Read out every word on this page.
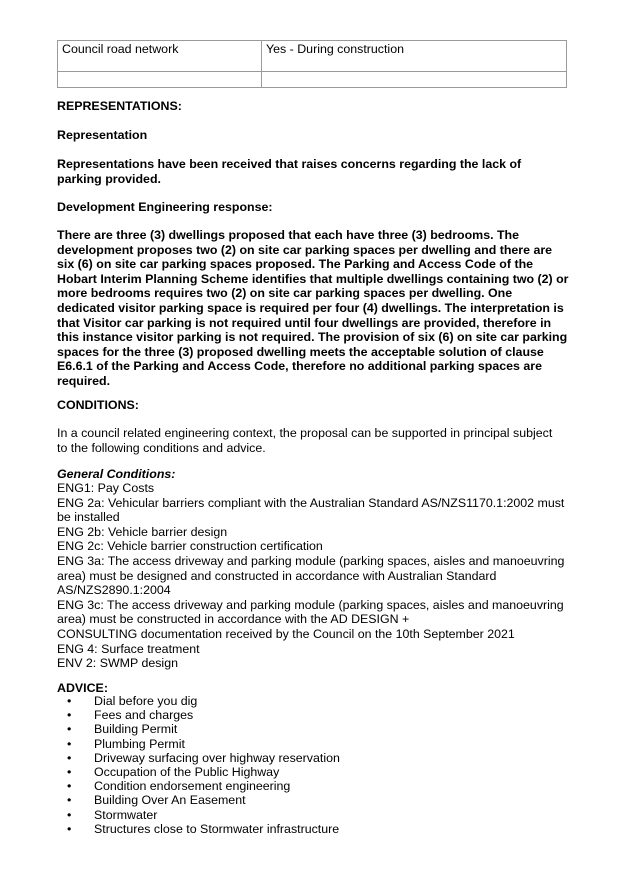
Council road network	Yes - During construction

REPRESENTATIONS:
Representation
Representations have been received that raises concerns regarding the lack of parking provided.
Development Engineering response:
There are three (3) dwellings proposed that each have three (3) bedrooms. The development proposes two (2) on site car parking spaces per dwelling and there are six (6) on site car parking spaces proposed. The Parking and Access Code of the Hobart Interim Planning Scheme identifies that multiple dwellings containing two (2) or more bedrooms requires two (2) on site car parking spaces per dwelling. One dedicated visitor parking space is required per four (4) dwellings. The interpretation is that Visitor car parking is not required until four dwellings are provided, therefore in this instance visitor parking is not required. The provision of six (6) on site car parking spaces for the three (3) proposed dwelling meets the acceptable solution of clause E6.6.1 of the Parking and Access Code, therefore no additional parking spaces are required.
CONDITIONS:
In a council related engineering context, the proposal can be supported in principal subject to the following conditions and advice.
General Conditions:

ENG1: Pay Costs

ENG 2a: Vehicular barriers compliant with the Australian Standard AS/NZS1170.1:2002 must be installed

ENG 2b: Vehicle barrier design

ENG 2c: Vehicle barrier construction certification

ENG 3a: The access driveway and parking module (parking spaces, aisles and manoeuvring area) must be designed and constructed in accordance with Australian Standard AS/NZS2890.1:2004

ENG 3c: The access driveway and parking module (parking spaces, aisles and manoeuvring area) must be constructed in accordance with the AD DESIGN +

CONSULTING documentation received by the Council on the 10th September 2021

ENG 4: Surface treatment

ENV 2: SWMP design

ADVICE:
• Dial before you dig
• Fees and charges
• Building Permit
• Plumbing Permit
• Driveway surfacing over highway reservation
• Occupation of the Public Highway
• Condition endorsement engineering
• Building Over An Easement
• Stormwater
• Structures close to Stormwater infrastructure
